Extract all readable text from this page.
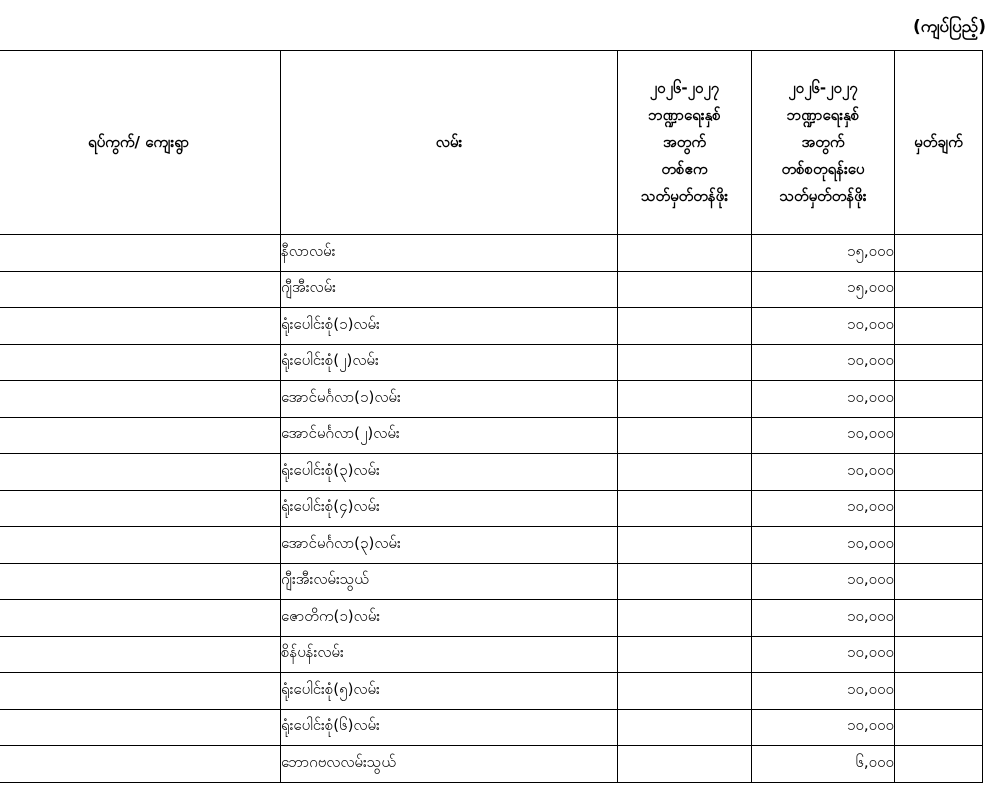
(ကျပ်ပြည့်)
ရပ်ကွက်/ ကျေးရွာ	လမ်း	၂၀၂၆-၂၀၂၇
ဘဏ္ဍာရေးနှစ်
အတွက်
တစ်ဧက
သတ်မှတ်တန်ဖိုး	၂၀၂၆-၂၀၂၇
ဘဏ္ဍာရေးနှစ်
အတွက်
တစ်စတုရန်းပေ
သတ်မှတ်တန်ဖိုး	မှတ်ချက်
	နီလာလမ်း		၁၅,၀၀၀	
	ဂျီအီးလမ်း		၁၅,၀၀၀	
	ရုံးပေါင်းစုံ(၁)လမ်း		၁၀,၀၀၀	
	ရုံးပေါင်းစုံ(၂)လမ်း		၁၀,၀၀၀	
	အောင်မင်္ဂလာ(၁)လမ်း		၁၀,၀၀၀	
	အောင်မင်္ဂလာ(၂)လမ်း		၁၀,၀၀၀	
	ရုံးပေါင်းစုံ(၃)လမ်း		၁၀,၀၀၀	
	ရုံးပေါင်းစုံ(၄)လမ်း		၁၀,၀၀၀	
	အောင်မင်္ဂလာ(၃)လမ်း		၁၀,၀၀၀	
	ဂျီးအီးလမ်းသွယ်		၁၀,၀၀၀	
	ဇောတိက(၁)လမ်း		၁၀,၀၀၀	
	စိန်ပန်းလမ်း		၁၀,၀၀၀	
	ရုံးပေါင်းစုံ(၅)လမ်း		၁၀,၀၀၀	
	ရုံးပေါင်းစုံ(၆)လမ်း		၁၀,၀၀၀	
	ဘောဂဗလလမ်းသွယ်		၆,၀၀၀	
